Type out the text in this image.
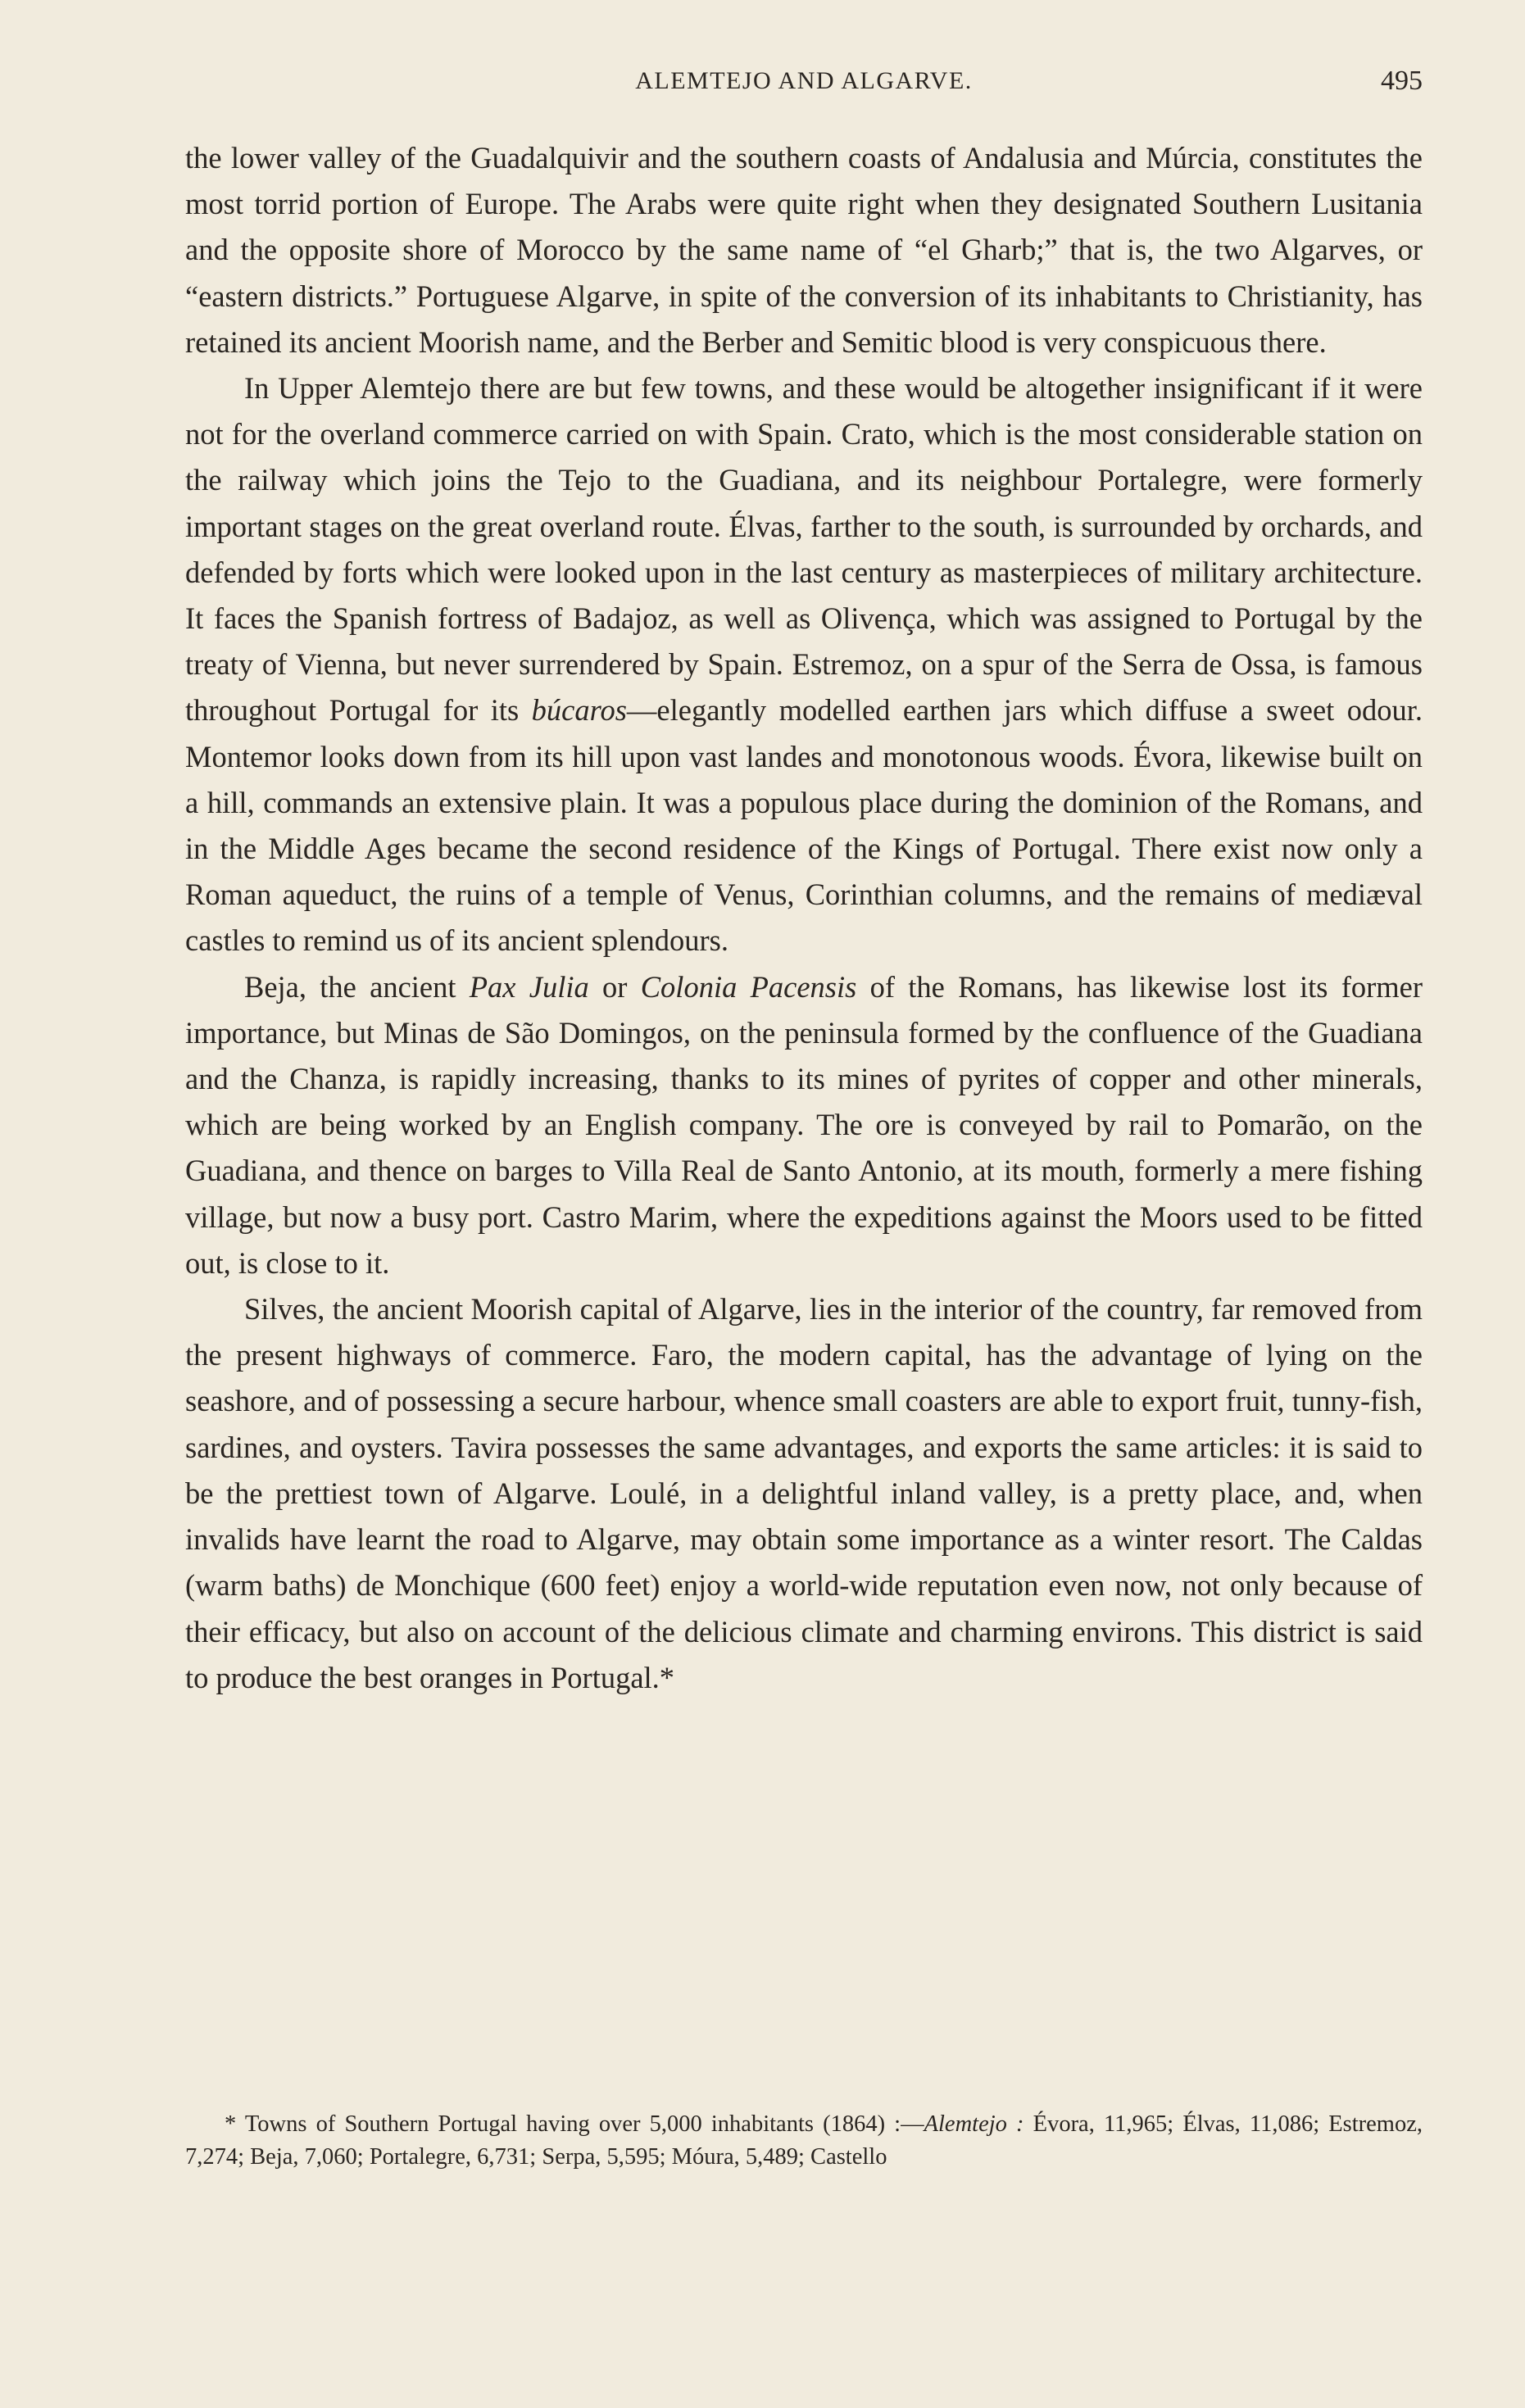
ALEMTEJO AND ALGARVE.	495

the lower valley of the Guadalquivir and the southern coasts of Andalusia and Múrcia, constitutes the most torrid portion of Europe. The Arabs were quite right when they designated Southern Lusitania and the opposite shore of Morocco by the same name of “el Gharb;” that is, the two Algarves, or “eastern districts.” Portuguese Algarve, in spite of the conversion of its inhabitants to Christianity, has retained its ancient Moorish name, and the Berber and Semitic blood is very conspicuous there.

In Upper Alemtejo there are but few towns, and these would be altogether insignificant if it were not for the overland commerce carried on with Spain. Crato, which is the most considerable station on the railway which joins the Tejo to the Guadiana, and its neighbour Portalegre, were formerly important stages on the great overland route. Élvas, farther to the south, is surrounded by orchards, and defended by forts which were looked upon in the last century as masterpieces of military architecture. It faces the Spanish fortress of Badajoz, as well as Olivença, which was assigned to Portugal by the treaty of Vienna, but never surrendered by Spain. Estremoz, on a spur of the Serra de Ossa, is famous throughout Portugal for its búcaros—elegantly modelled earthen jars which diffuse a sweet odour. Montemor looks down from its hill upon vast landes and monotonous woods. Évora, likewise built on a hill, commands an extensive plain. It was a populous place during the dominion of the Romans, and in the Middle Ages became the second residence of the Kings of Portugal. There exist now only a Roman aqueduct, the ruins of a temple of Venus, Corinthian columns, and the remains of mediæval castles to remind us of its ancient splendours.

Beja, the ancient Pax Julia or Colonia Pacensis of the Romans, has likewise lost its former importance, but Minas de São Domingos, on the peninsula formed by the confluence of the Guadiana and the Chanza, is rapidly increasing, thanks to its mines of pyrites of copper and other minerals, which are being worked by an English company. The ore is conveyed by rail to Pomarão, on the Guadiana, and thence on barges to Villa Real de Santo Antonio, at its mouth, formerly a mere fishing village, but now a busy port. Castro Marim, where the expeditions against the Moors used to be fitted out, is close to it.

Silves, the ancient Moorish capital of Algarve, lies in the interior of the country, far removed from the present highways of commerce. Faro, the modern capital, has the advantage of lying on the seashore, and of possessing a secure harbour, whence small coasters are able to export fruit, tunny-fish, sardines, and oysters. Tavira possesses the same advantages, and exports the same articles: it is said to be the prettiest town of Algarve. Loulé, in a delightful inland valley, is a pretty place, and, when invalids have learnt the road to Algarve, may obtain some importance as a winter resort. The Caldas (warm baths) de Monchique (600 feet) enjoy a world-wide reputation even now, not only because of their efficacy, but also on account of the delicious climate and charming environs. This district is said to produce the best oranges in Portugal.*

* Towns of Southern Portugal having over 5,000 inhabitants (1864) :—Alemtejo : Évora, 11,965; Élvas, 11,086; Estremoz, 7,274; Beja, 7,060; Portalegre, 6,731; Serpa, 5,595; Móura, 5,489; Castello
